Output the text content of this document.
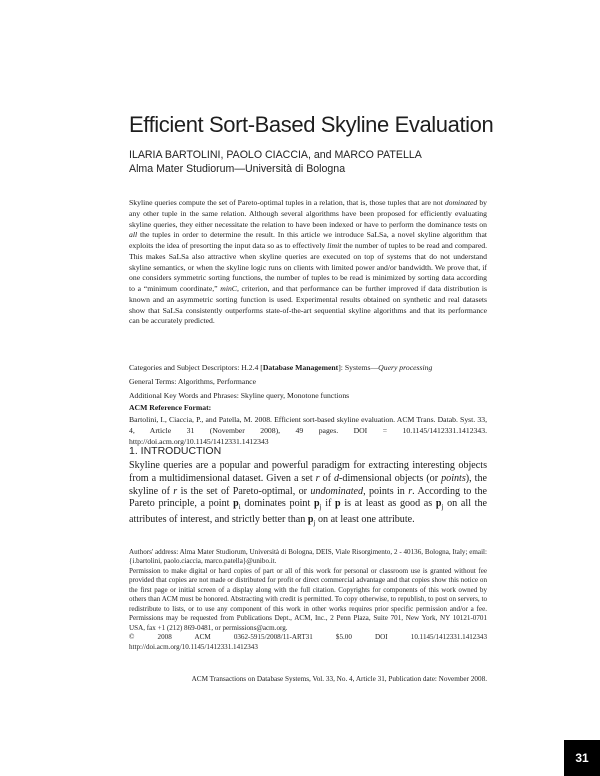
Efficient Sort-Based Skyline Evaluation
ILARIA BARTOLINI, PAOLO CIACCIA, and MARCO PATELLA
Alma Mater Studiorum—Università di Bologna
Skyline queries compute the set of Pareto-optimal tuples in a relation, that is, those tuples that are not dominated by any other tuple in the same relation. Although several algorithms have been proposed for efficiently evaluating skyline queries, they either necessitate the relation to have been indexed or have to perform the dominance tests on all the tuples in order to determine the result. In this article we introduce SaLSa, a novel skyline algorithm that exploits the idea of presorting the input data so as to effectively limit the number of tuples to be read and compared. This makes SaLSa also attractive when skyline queries are executed on top of systems that do not understand skyline semantics, or when the skyline logic runs on clients with limited power and/or bandwidth. We prove that, if one considers symmetric sorting functions, the number of tuples to be read is minimized by sorting data according to a “minimum coordinate,” minC, criterion, and that performance can be further improved if data distribution is known and an asymmetric sorting function is used. Experimental results obtained on synthetic and real datasets show that SaLSa consistently outperforms state-of-the-art sequential skyline algorithms and that its performance can be accurately predicted.
Categories and Subject Descriptors: H.2.4 [Database Management]: Systems—Query processing
General Terms: Algorithms, Performance
Additional Key Words and Phrases: Skyline query, Monotone functions
ACM Reference Format:
Bartolini, I., Ciaccia, P., and Patella, M. 2008. Efficient sort-based skyline evaluation. ACM Trans. Datab. Syst. 33, 4, Article 31 (November 2008), 49 pages. DOI = 10.1145/1412331.1412343. http://doi.acm.org/10.1145/1412331.1412343
1. INTRODUCTION
Skyline queries are a popular and powerful paradigm for extracting interesting objects from a multidimensional dataset. Given a set r of d-dimensional objects (or points), the skyline of r is the set of Pareto-optimal, or undominated, points in r. According to the Pareto principle, a point $p_i$ dominates point $p_j$ if p is at least as good as $p_j$ on all the attributes of interest, and strictly better than $p_j$ on at least one attribute.
Authors' address: Alma Mater Studiorum, Università di Bologna, DEIS, Viale Risorgimento, 2 - 40136, Bologna, Italy; email: {i.bartolini, paolo.ciaccia, marco.patella}@unibo.it.
Permission to make digital or hard copies of part or all of this work for personal or classroom use is granted without fee provided that copies are not made or distributed for profit or direct commercial advantage and that copies show this notice on the first page or initial screen of a display along with the full citation. Copyrights for components of this work owned by others than ACM must be honored. Abstracting with credit is permitted. To copy otherwise, to republish, to post on servers, to redistribute to lists, or to use any component of this work in other works requires prior specific permission and/or a fee. Permissions may be requested from Publications Dept., ACM, Inc., 2 Penn Plaza, Suite 701, New York, NY 10121-0701 USA, fax +1 (212) 869-0481, or permissions@acm.org.
© 2008 ACM 0362-5915/2008/11-ART31 $5.00 DOI 10.1145/1412331.1412343 http://doi.acm.org/10.1145/1412331.1412343
ACM Transactions on Database Systems, Vol. 33, No. 4, Article 31, Publication date: November 2008.
31
